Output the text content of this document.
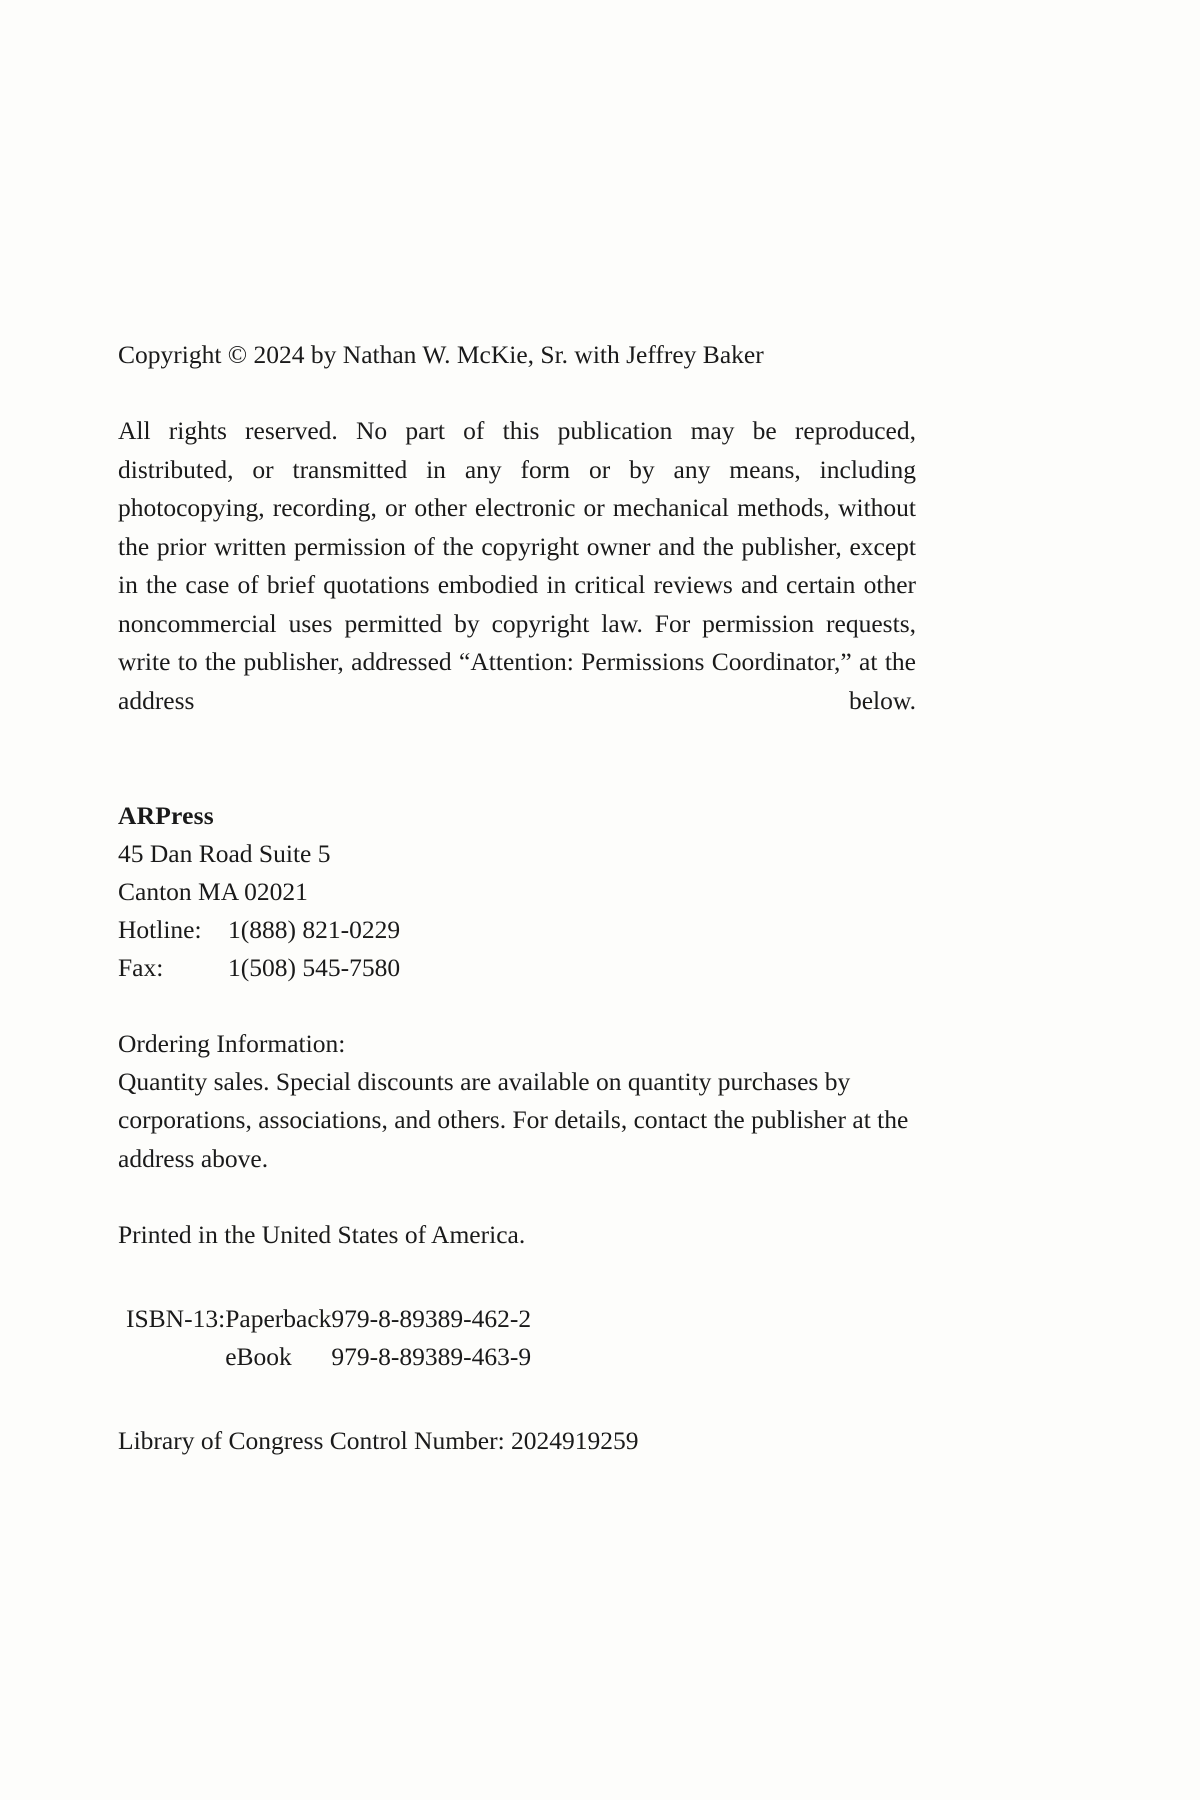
Copyright © 2024 by Nathan W. McKie, Sr. with Jeffrey Baker

All rights reserved. No part of this publication may be reproduced, distributed, or transmitted in any form or by any means, including photocopying, recording, or other electronic or mechanical methods, without the prior written permission of the copyright owner and the publisher, except in the case of brief quotations embodied in critical reviews and certain other noncommercial uses permitted by copyright law. For permission requests, write to the publisher, addressed “Attention: Permissions Coordinator,” at the address below.

ARPress

45 Dan Road Suite 5

Canton MA 02021

Hotline: 1(888) 821-0229

Fax:	1(508) 545-7580

Ordering Information:

Quantity sales. Special discounts are available on quantity purchases by corporations, associations, and others. For details, contact the publisher at the address above.

Printed in the United States of America.

ISBN-13:	Paperback	979-8-89389-462-2
	eBook	979-8-89389-463-9

Library of Congress Control Number: 2024919259
